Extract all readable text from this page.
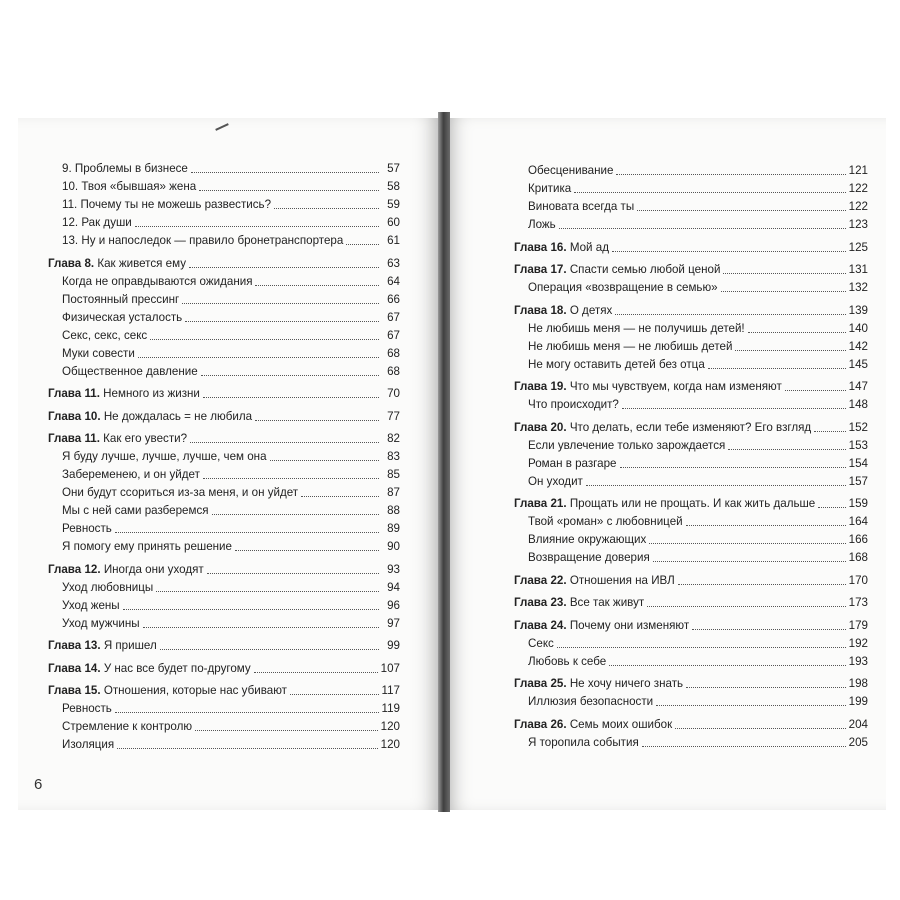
9. Проблемы в бизнесе	57
10. Твоя «бывшая» жена	58
11. Почему ты не можешь развестись?	59
12. Рак души	60
13. Ну и напоследок — правило бронетранспортера	61
Глава 8. Как живется ему	63
Когда не оправдываются ожидания	64
Постоянный прессинг	66
Физическая усталость	67
Секс, секс, секс	67
Муки совести	68
Общественное давление	68
Глава 11. Немного из жизни	70
Глава 10. Не дождалась = не любила	77
Глава 11. Как его увести?	82
Я буду лучше, лучше, лучше, чем она	83
Забеременею, и он уйдет	85
Они будут ссориться из-за меня, и он уйдет	87
Мы с ней сами разберемся	88
Ревность	89
Я помогу ему принять решение	90
Глава 12. Иногда они уходят	93
Уход любовницы	94
Уход жены	96
Уход мужчины	97
Глава 13. Я пришел	99
Глава 14. У нас все будет по-другому	107
Глава 15. Отношения, которые нас убивают	117
Ревность	119
Стремление к контролю	120
Изоляция	120
Обесценивание	121
Критика	122
Виновата всегда ты	122
Ложь	123
Глава 16. Мой ад	125
Глава 17. Спасти семью любой ценой	131
Операция «возвращение в семью»	132
Глава 18. О детях	139
Не любишь меня — не получишь детей!	140
Не любишь меня — не любишь детей	142
Не могу оставить детей без отца	145
Глава 19. Что мы чувствуем, когда нам изменяют	147
Что происходит?	148
Глава 20. Что делать, если тебе изменяют? Его взгляд	152
Если увлечение только зарождается	153
Роман в разгаре	154
Он уходит	157
Глава 21. Прощать или не прощать. И как жить дальше	159
Твой «роман» с любовницей	164
Влияние окружающих	166
Возвращение доверия	168
Глава 22. Отношения на ИВЛ	170
Глава 23. Все так живут	173
Глава 24. Почему они изменяют	179
Секс	192
Любовь к себе	193
Глава 25. Не хочу ничего знать	198
Иллюзия безопасности	199
Глава 26. Семь моих ошибок	204
Я торопила события	205
6
